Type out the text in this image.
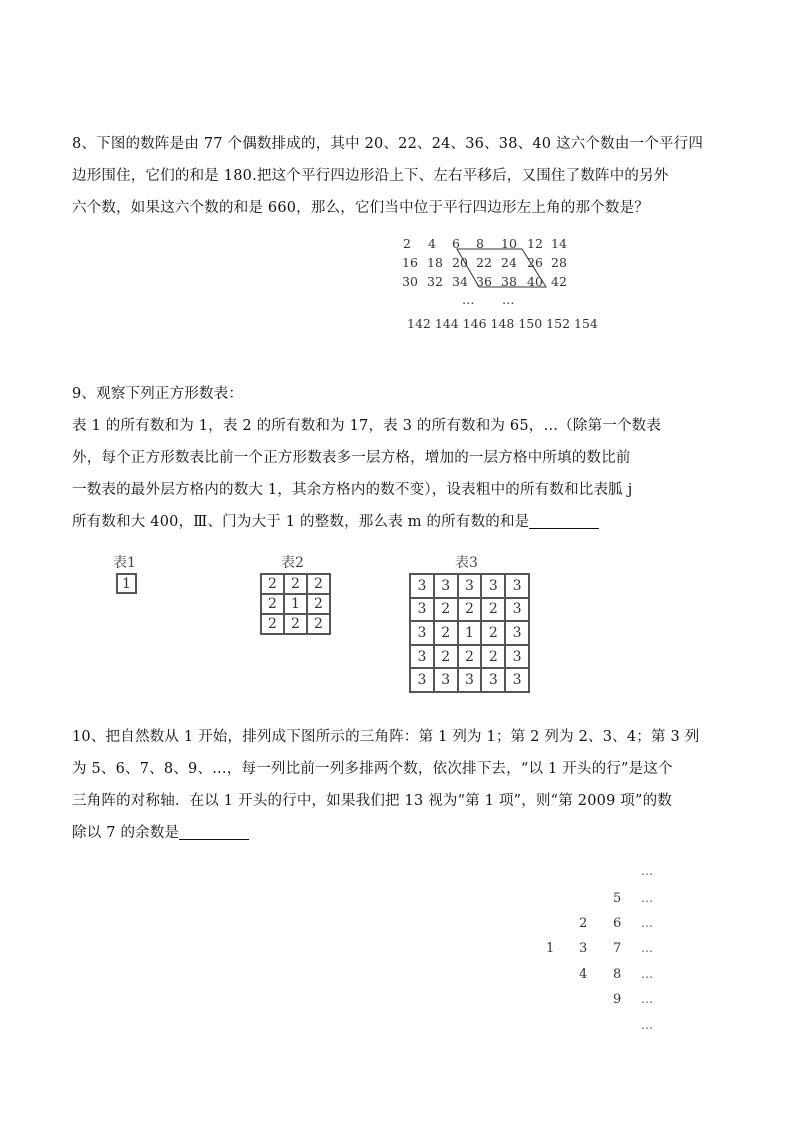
8、下图的数阵是由 77 个偶数排成的，其中 20、22、24、36、38、40 这六个数由一个平行四
边形围住，它们的和是 180.把这个平行四边形沿上下、左右平移后，又围住了数阵中的另外
六个数，如果这六个数的和是 660，那么，它们当中位于平行四边形左上角的那个数是？
2 4 6 8 10 12 14
16 18 20 22 24 26 28
30 32 34 36 38 40 42
… …
142 144 146 148 150 152 154
9、观察下列正方形数表：
表 1 的所有数和为 1，表 2 的所有数和为 17，表 3 的所有数和为 65，…（除第一个数表
外，每个正方形数表比前一个正方形数表多一层方格，增加的一层方格中所填的数比前
一数表的最外层方格内的数大 1，其余方格内的数不变），设表粗中的所有数和比表胍 j
所有数和大 400，Ⅲ、门为大于 1 的整数，那么表 m 的所有数的和是
表1
1
表2
2	2	2
2	1	2
2	2	2
表3
3	3	3	3	3
3	2	2	2	3
3	2	1	2	3
3	2	2	2	3
3	3	3	3	3
10、把自然数从 1 开始，排列成下图所示的三角阵：第 1 列为 1；第 2 列为 2、3、4；第 3 列
为 5、6、7、8、9、…，每一列比前一列多排两个数，依次排下去，“以 1 开头的行”是这个
三角阵的对称轴．在以 1 开头的行中，如果我们把 13 视为“第 1 项”，则“第 2009 项”的数
除以 7 的余数是
…
5 …
2 6 …
1 3 7 …
4 8 …
9 …
…
